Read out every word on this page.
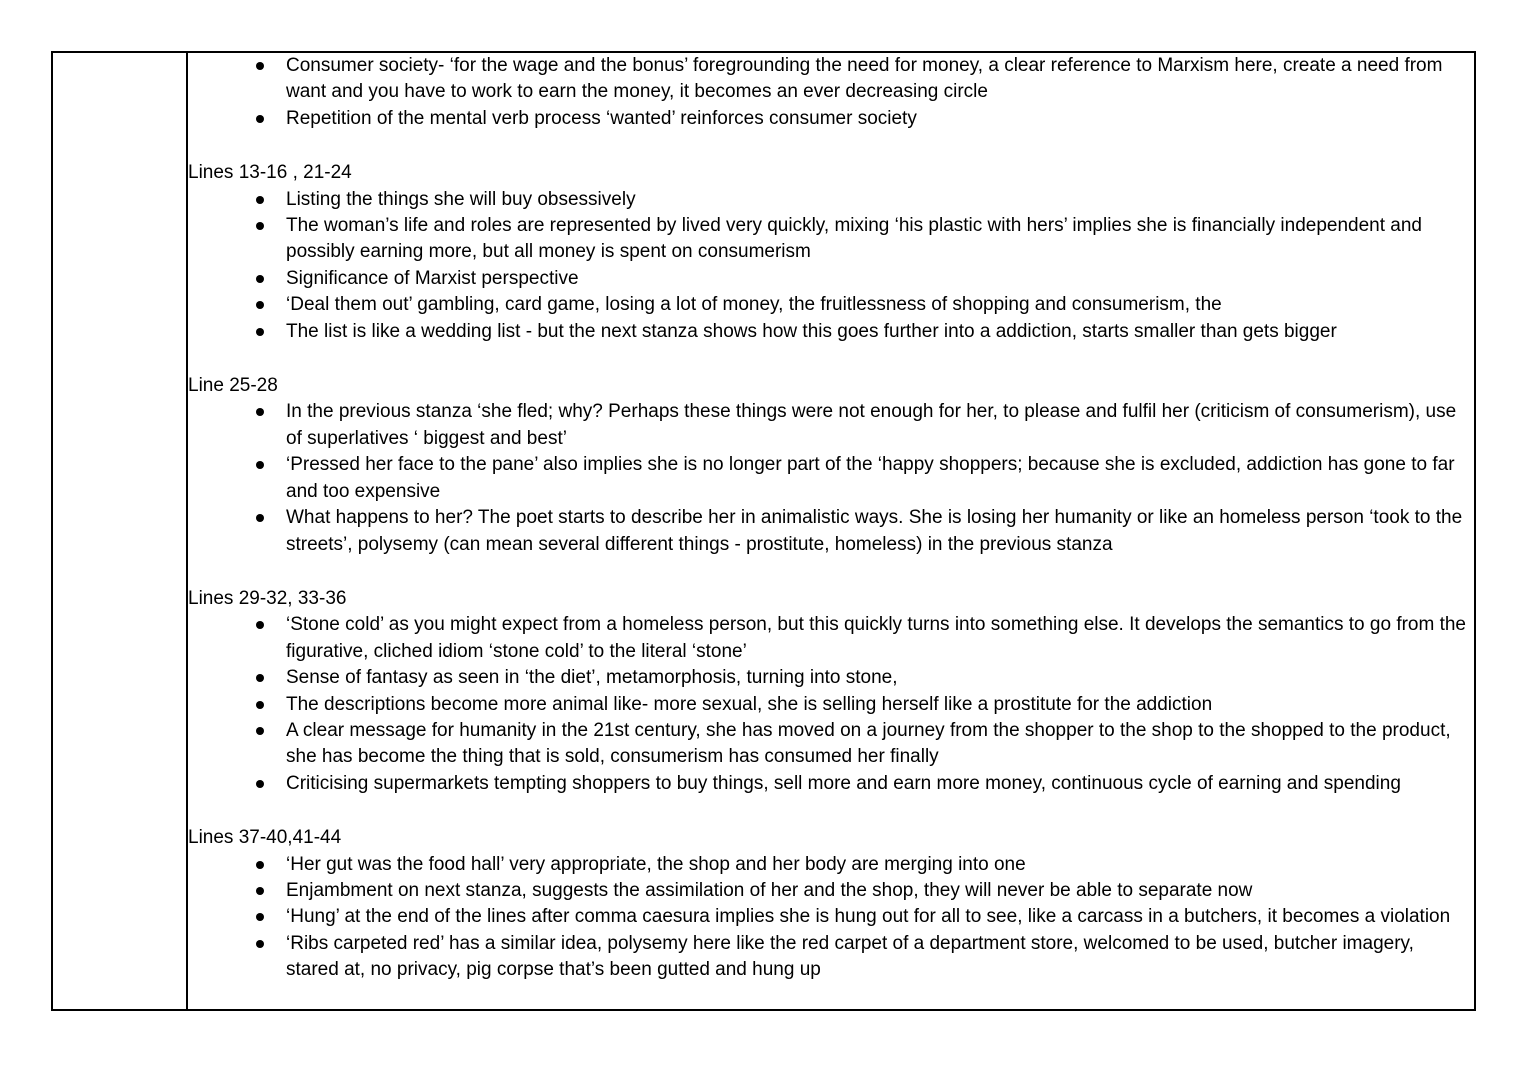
Consumer society- ‘for the wage and the bonus’ foregrounding the need for money, a clear reference to Marxism here, create a need from want and you have to work to earn the money, it becomes an ever decreasing circle
Repetition of the mental verb process ‘wanted’ reinforces consumer society
Lines 13-16 , 21-24
Listing the things she will buy obsessively
The woman’s life and roles are represented by lived very quickly, mixing ‘his plastic with hers’ implies she is financially independent and possibly earning more, but all money is spent on consumerism
Significance of Marxist perspective
‘Deal them out’ gambling, card game, losing a lot of money, the fruitlessness of shopping and consumerism, the
The list is like a wedding list - but the next stanza shows how this goes further into a addiction, starts smaller than gets bigger
Line 25-28
In the previous stanza ‘she fled; why? Perhaps these things were not enough for her, to please and fulfil her (criticism of consumerism), use of superlatives ‘ biggest and best’
‘Pressed her face to the pane’ also implies she is no longer part of the ‘happy shoppers; because she is excluded, addiction has gone to far and too expensive
What happens to her? The poet starts to describe her in animalistic ways. She is losing her humanity or like an homeless person ‘took to the streets’, polysemy (can mean several different things - prostitute, homeless) in the previous stanza
Lines 29-32, 33-36
‘Stone cold’ as you might expect from a homeless person, but this quickly turns into something else. It develops the semantics to go from the figurative, cliched idiom ‘stone cold’ to the literal ‘stone’
Sense of fantasy as seen in ‘the diet’, metamorphosis, turning into stone,
The descriptions become more animal like- more sexual, she is selling herself like a prostitute for the addiction
A clear message for humanity in the 21st century, she has moved on a journey from the shopper to the shop to the shopped to the product, she has become the thing that is sold, consumerism has consumed her finally
Criticising supermarkets tempting shoppers to buy things, sell more and earn more money, continuous cycle of earning and spending
Lines 37-40,41-44
‘Her gut was the food hall’ very appropriate, the shop and her body are merging into one
Enjambment on next stanza, suggests the assimilation of her and the shop, they will never be able to separate now
‘Hung’ at the end of the lines after comma caesura implies she is hung out for all to see, like a carcass in a butchers, it becomes a violation
‘Ribs carpeted red’ has a similar idea, polysemy here like the red carpet of a department store, welcomed to be used, butcher imagery, stared at, no privacy, pig corpse that’s been gutted and hung up
